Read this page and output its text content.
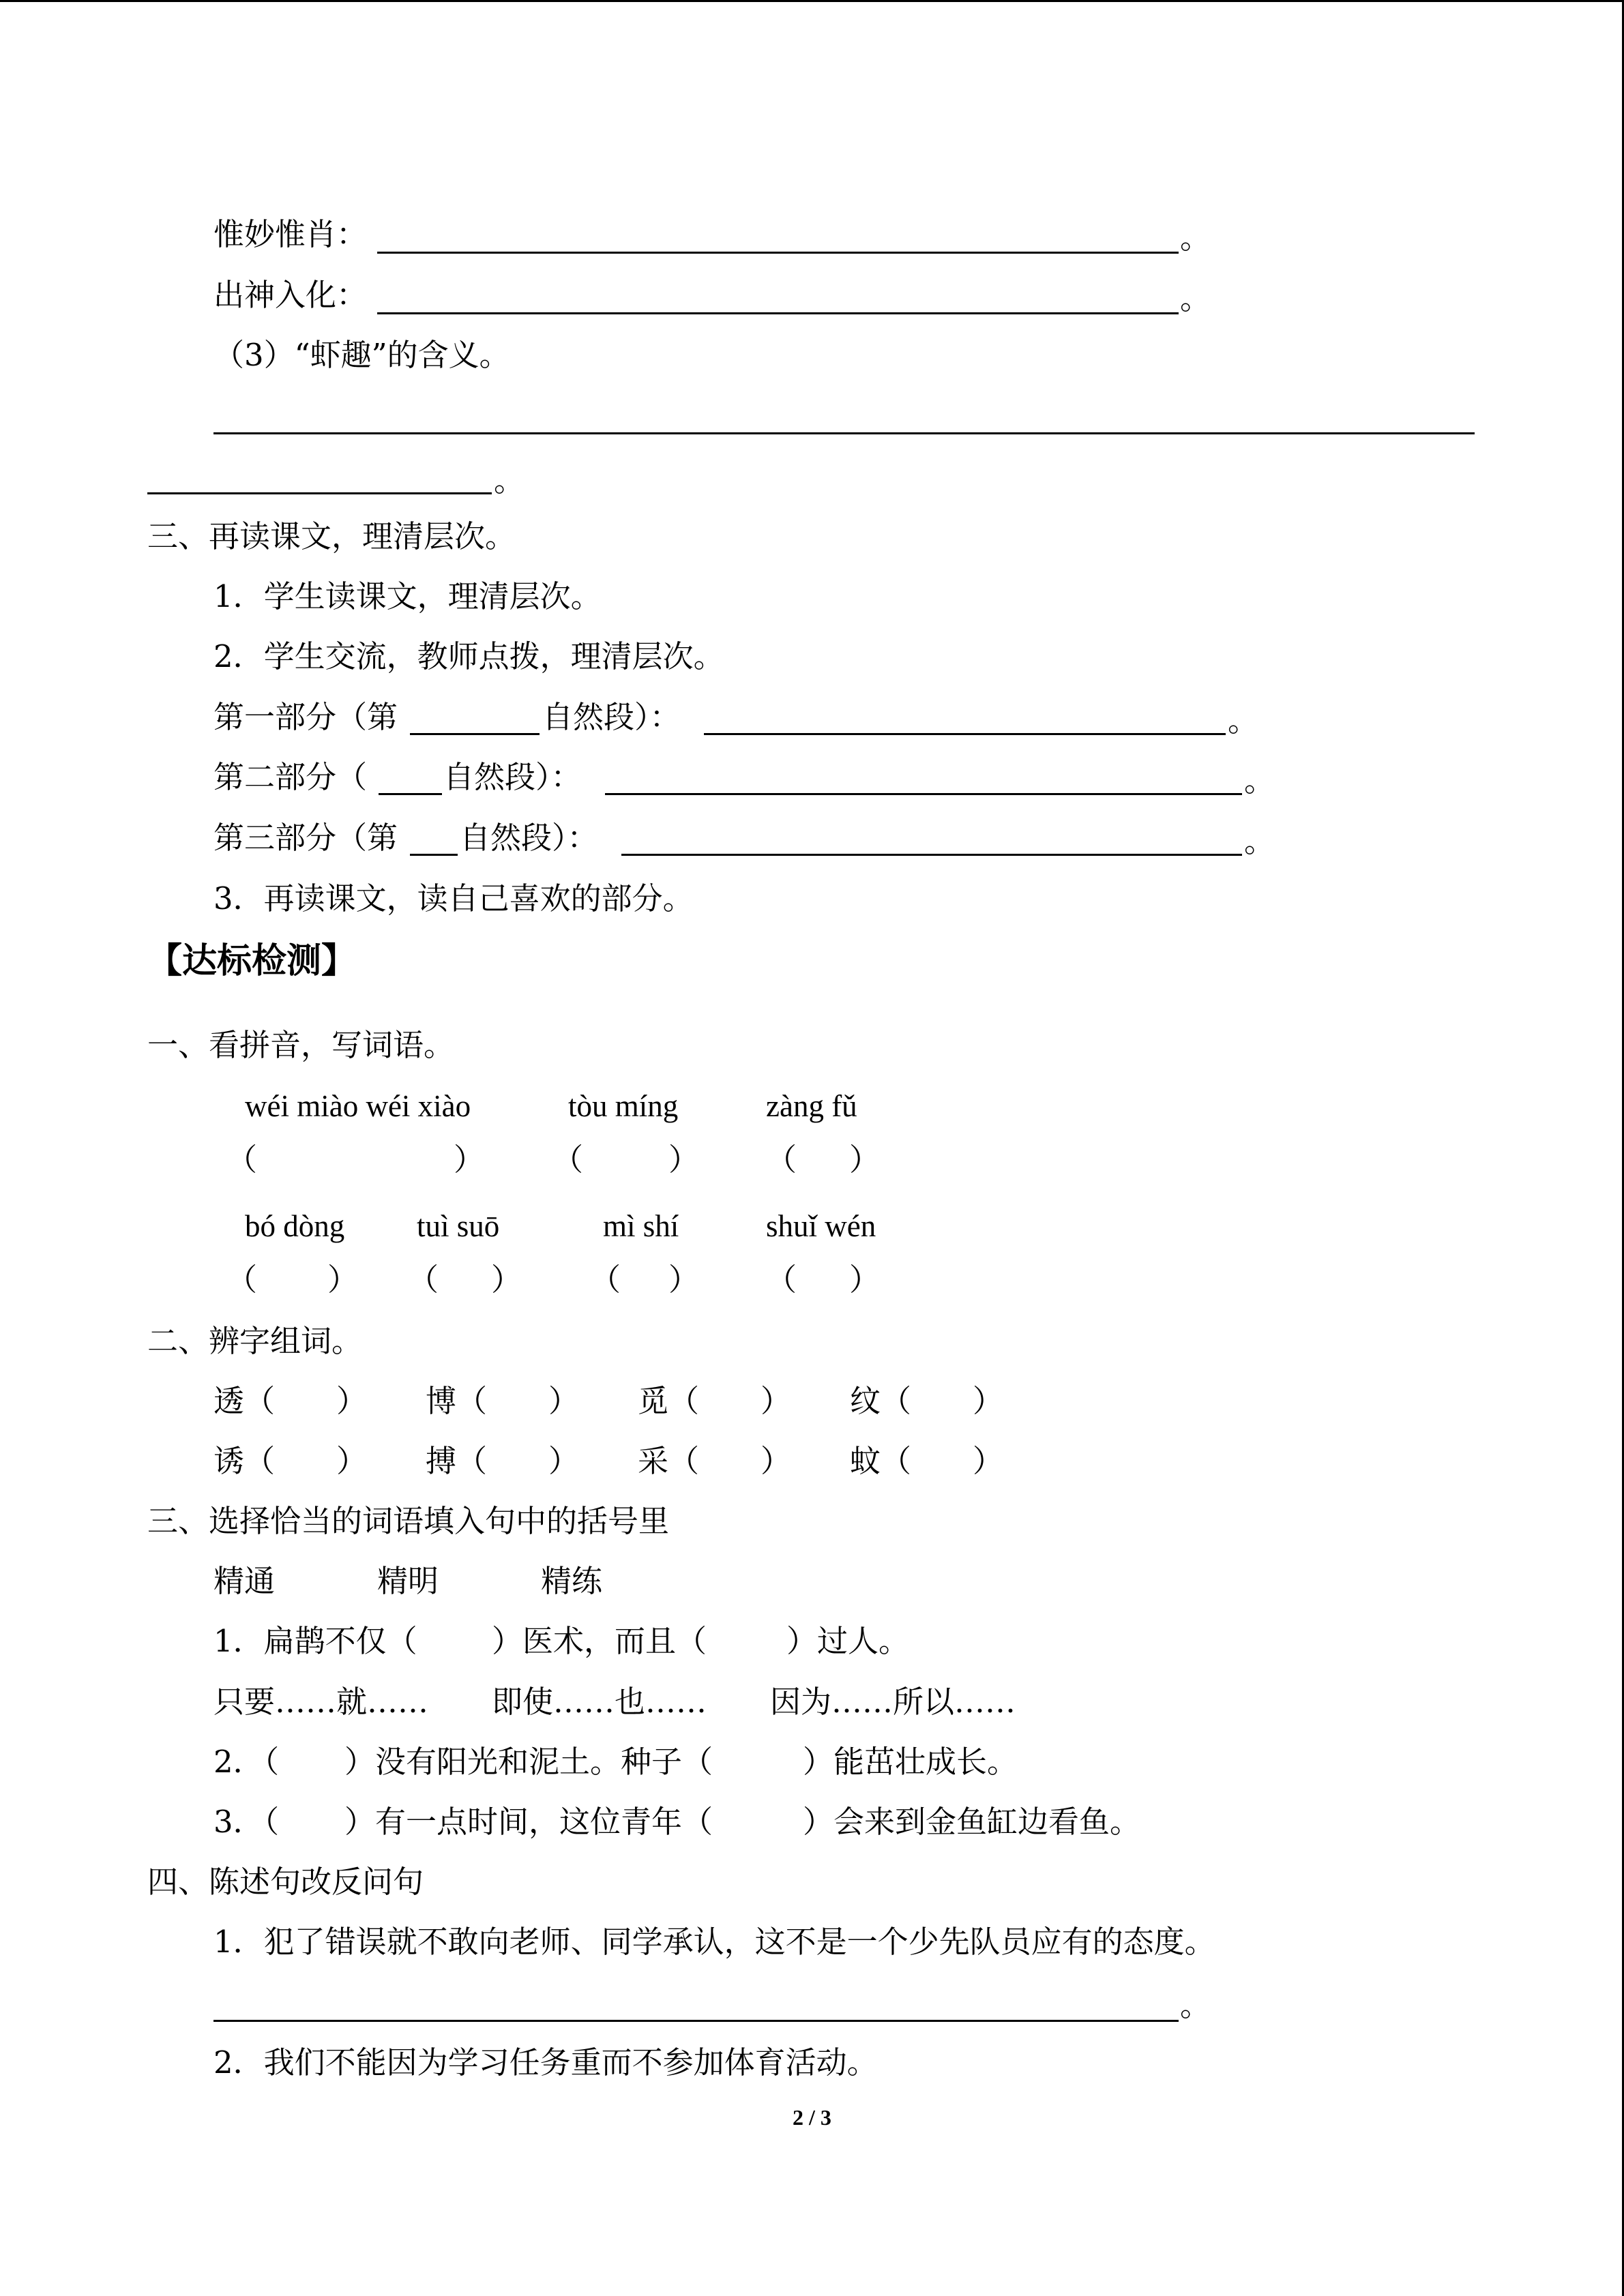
惟妙惟肖：	。
出神入化：	。
（3）“虾趣”的含义。
。
三、再读课文，理清层次。
1．学生读课文，理清层次。
2．学生交流，教师点拨，理清层次。
第一部分（第	自然段）：	。
第二部分（ 自然段）：	。
第三部分（第 自然段）：	。
3．再读课文，读自己喜欢的部分。
【达标检测】
一、看拼音，写词语。
wéi miào wéi xiào	tòu míng	zàng fǔ
（	） （	） （ ）
bó dòng tuì suō	mì shí	shuǐ wén
（ ） （ ） （ ） （ ）
二、辨字组词。
透 （　　） 博 （　　） 觅 （　　） 纹 （　　）
诱 （　　） 搏 （　　） 采 （　　） 蚊 （　　）
三、选择恰当的词语填入句中的括号里
精通	精明	精练
1．扁鹊不仅（ ）医术，而且（	）过人。
只要……就…… 即使……也…… 因为……所以……
2．（ ）没有阳光和泥土。种子（	）能茁壮成长。
3．（ ）有一点时间，这位青年（	）会来到金鱼缸边看鱼。
四、陈述句改反问句
1．犯了错误就不敢向老师、同学承认，这不是一个少先队员应有的态度。
。
2．我们不能因为学习任务重而不参加体育活动。
2 / 3
